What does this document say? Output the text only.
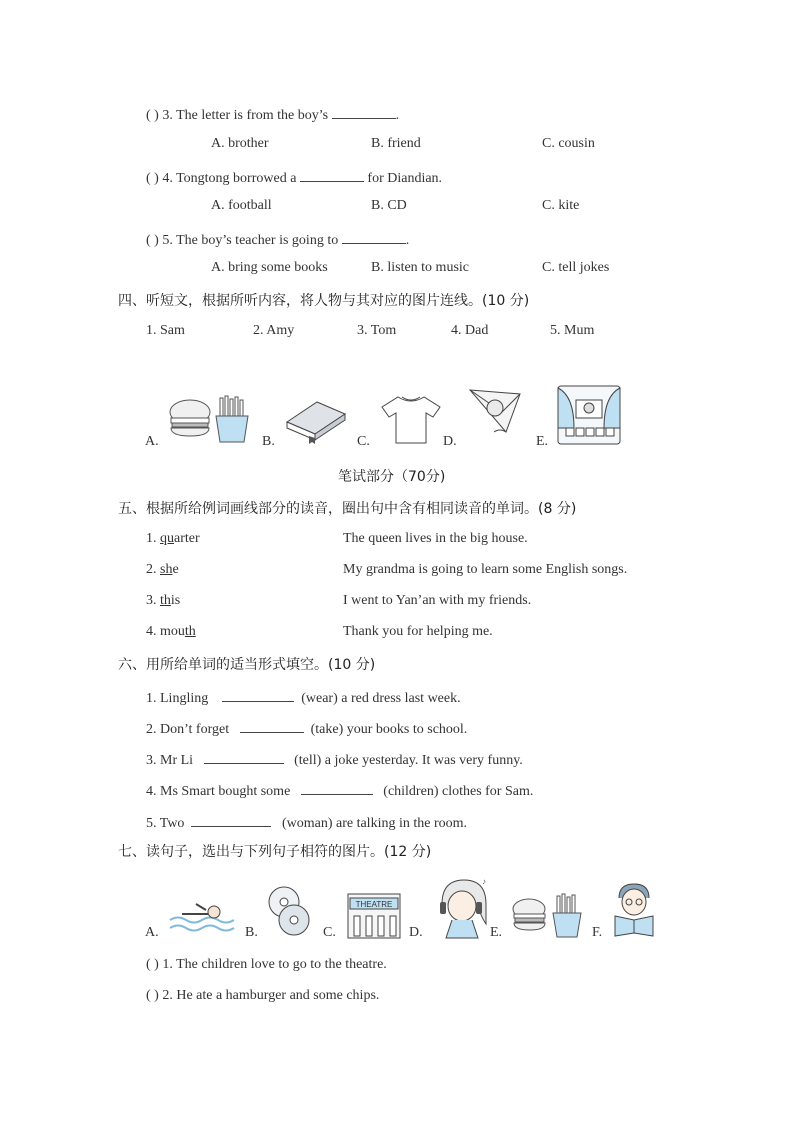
( ) 3. The letter is from the boy’s	.
A. brother	B. friend	C. cousin
( ) 4. Tongtong borrowed a	for Diandian.
A. football	B. CD	C. kite
( ) 5. The boy’s teacher is going to	.
A. bring some books	B. listen to music	C. tell jokes
四、听短文，根据所听内容，将人物与其对应的图片连线。(10 分)
1. Sam	2. Amy	3. Tom	4. Dad	5. Mum
A.	B.	C.	D.	E.
笔试部分（70分)
五、根据所给例词画线部分的读音，圈出句中含有相同读音的单词。(8 分)
1. quarter	The queen lives in the big house.
2. she	My grandma is going to learn some English songs.
3. this	I went to Yan’an with my friends.
4. mouth	Thank you for helping me.
六、用所给单词的适当形式填空。(10 分)
1. Lingling	(wear) a red dress last week.
2. Don’t forget	(take) your books to school.
3. Mr Li	(tell) a joke yesterday. It was very funny.
4. Ms Smart bought some	(children) clothes for Sam.
5. Two	(woman) are talking in the room.
七、读句子，选出与下列句子相符的图片。(12 分)
A.	B.	C.
THEATRE
D.
♪
E.	F.
( ) 1. The children love to go to the theatre.
( ) 2. He ate a hamburger and some chips.
